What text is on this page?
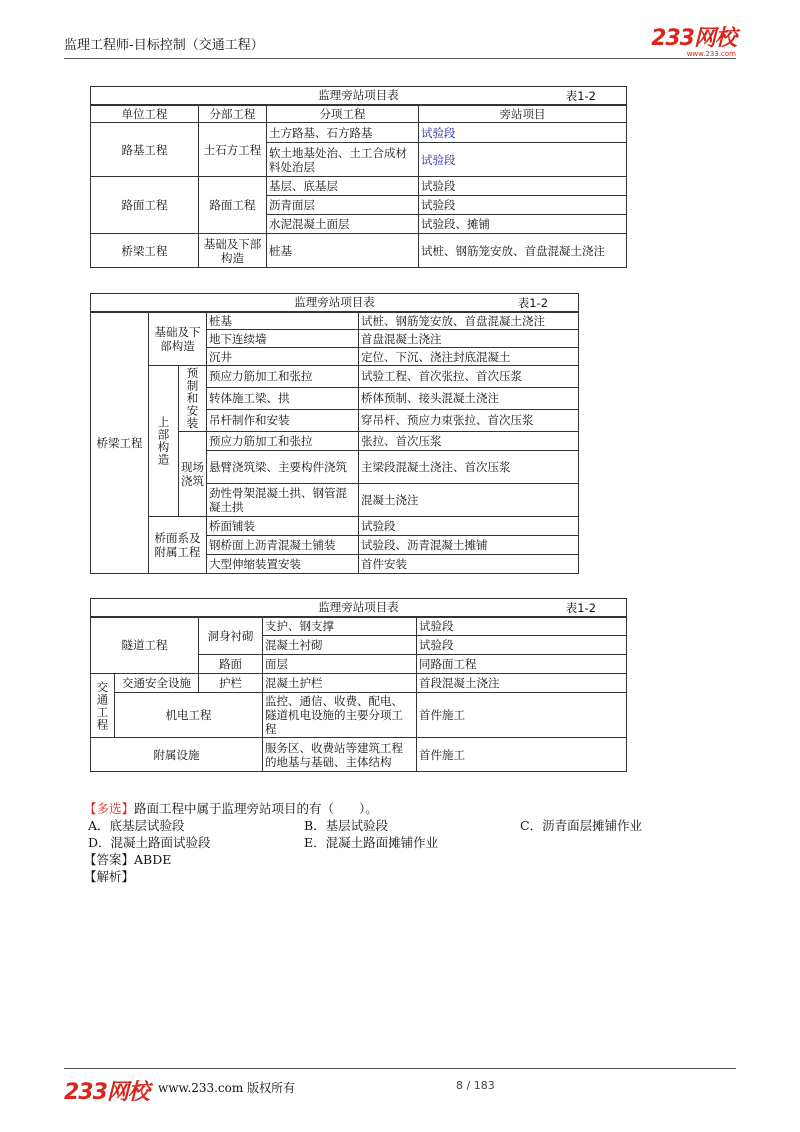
监理工程师-目标控制（交通工程）	233网校
www.233.com
监理旁站项目表 表1-2			

单位工程	分部工程	分项工程	旁站项目
路基工程	土石方工程	土方路基、石方路基	试验段
		软土地基处治、土工合成材料处治层	试验段
路面工程	路面工程	基层、底基层	试验段
		沥青面层	试验段
		水泥混凝土面层	试验段、摊铺
桥梁工程	基础及下部构造	桩基	试桩、钢筋笼安放、首盘混凝土浇注
监理旁站项目表 表1-2				

桥梁工程	基础及下部构造		桩基	试桩、钢筋笼安放、首盘混凝土浇注
			地下连续墙	首盘混凝土浇注
			沉井	定位、下沉、浇注封底混凝土

	上部构造	预制和安装	预应力筋加工和张拉	试验工程、首次张拉、首次压浆
			转体施工梁、拱	桥体预制、接头混凝土浇注
			吊杆制作和安装	穿吊杆、预应力束张拉、首次压浆
		现场浇筑	预应力筋加工和张拉	张拉、首次压浆
			悬臂浇筑梁、主要构件浇筑	主梁段混凝土浇注、首次压浆
			劲性骨架混凝土拱、钢管混凝土拱	混凝土浇注
	桥面系及附属工程		桥面铺装	试验段
			钢桥面上沥青混凝土铺装	试验段、沥青混凝土摊铺
			大型伸缩装置安装	首件安装
监理旁站项目表 表1-2				

隧道工程		洞身衬砌	支护、钢支撑	试验段
			混凝土衬砌	试验段
		路面	面层	同路面工程

交通工程	交通安全设施	护栏	混凝土护栏	首段混凝土浇注
	机电工程		监控、通信、收费、配电、隧道机电设施的主要分项工程	首件施工
附属设施			服务区、收费站等建筑工程的地基与基础、主体结构	首件施工
【多选】路面工程中属于监理旁站项目的有（　　）。
A．底基层试验段	B．基层试验段	C．沥青面层摊铺作业
D．混凝土路面试验段	E．混凝土路面摊铺作业
【答案】ABDE
【解析】
233网校 www.233.com 版权所有	8 / 183
